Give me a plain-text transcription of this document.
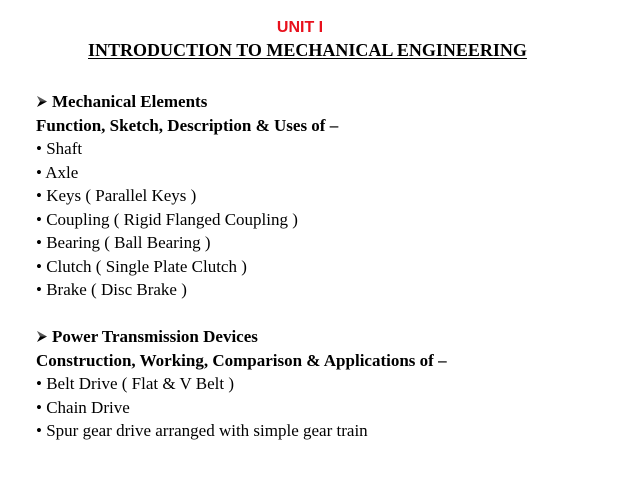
UNIT I
INTRODUCTION TO MECHANICAL ENGINEERING
Mechanical Elements
Function, Sketch, Description & Uses of –
• Shaft
• Axle
• Keys ( Parallel Keys )
• Coupling ( Rigid Flanged Coupling )
• Bearing ( Ball Bearing )
• Clutch ( Single Plate Clutch )
• Brake ( Disc Brake )
Power Transmission Devices
Construction, Working, Comparison & Applications of –
• Belt Drive ( Flat & V Belt )
• Chain Drive
• Spur gear drive arranged with simple gear train
